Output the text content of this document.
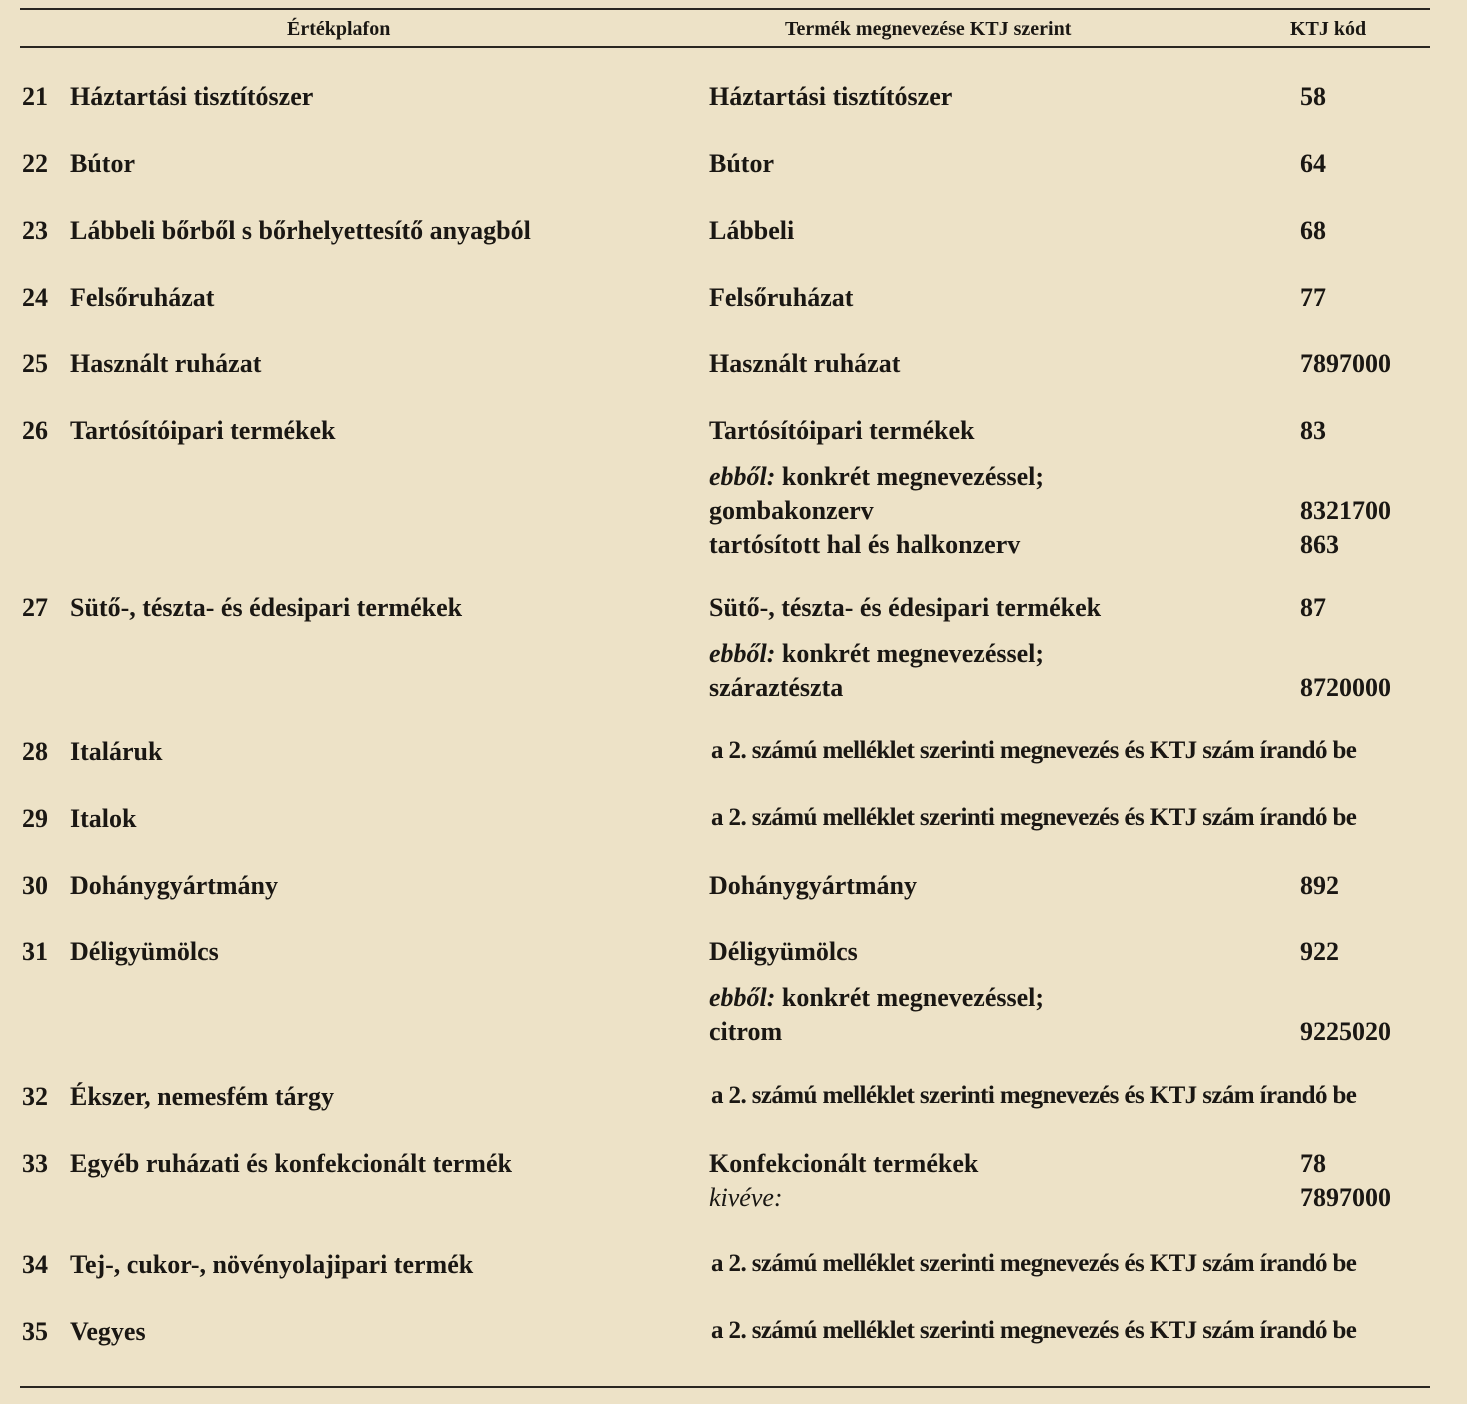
Értékplafon	Termék megnevezése KTJ szerint	KTJ kód
21 Háztartási tisztítószer	Háztartási tisztítószer	58
22 Bútor	Bútor	64
23 Lábbeli bőrből s bőrhelyettesítő anyagból	Lábbeli	68
24 Felsőruházat	Felsőruházat	77
25 Használt ruházat	Használt ruházat	7897000
26 Tartósítóipari termékek	Tartósítóipari termékek	83
ebből: konkrét megnevezéssel;
gombakonzerv	8321700
tartósított hal és halkonzerv	863
27 Sütő-, tészta- és édesipari termékek	Sütő-, tészta- és édesipari termékek	87
ebből: konkrét megnevezéssel;
száraztészta	8720000
28 Italáruk	a 2. számú melléklet szerinti megnevezés és KTJ szám írandó be
29 Italok	a 2. számú melléklet szerinti megnevezés és KTJ szám írandó be
30 Dohánygyártmány	Dohánygyártmány	892
31 Déligyümölcs	Déligyümölcs	922
ebből: konkrét megnevezéssel;
citrom	9225020
32 Ékszer, nemesfém tárgy	a 2. számú melléklet szerinti megnevezés és KTJ szám írandó be
33 Egyéb ruházati és konfekcionált termék	Konfekcionált termékek	78
kivéve:	7897000
34 Tej-, cukor-, növényolajipari termék	a 2. számú melléklet szerinti megnevezés és KTJ szám írandó be
35 Vegyes	a 2. számú melléklet szerinti megnevezés és KTJ szám írandó be
